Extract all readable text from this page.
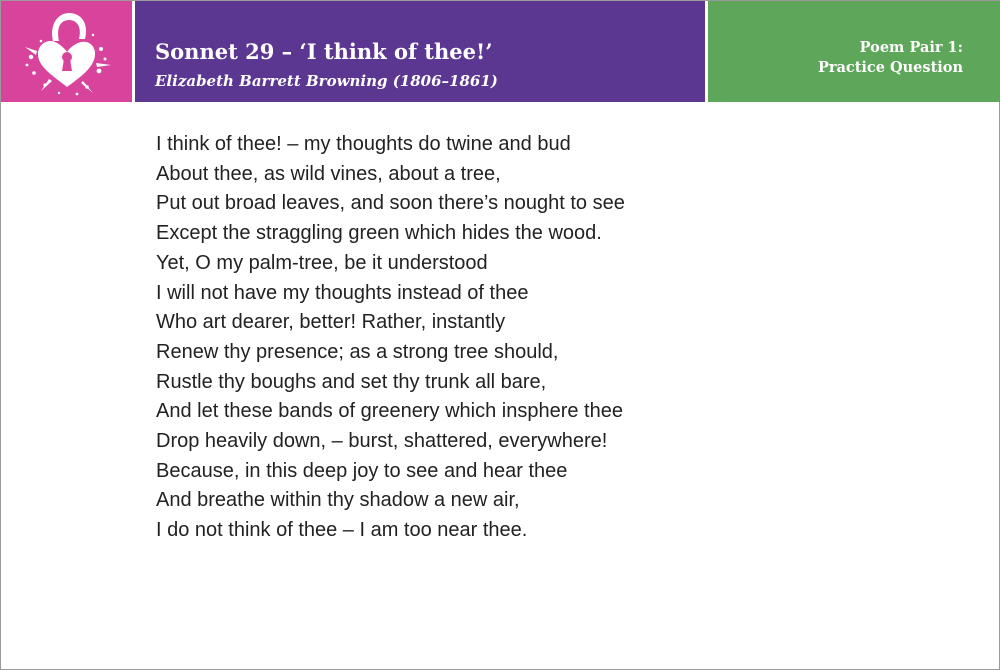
Sonnet 29 – ‘I think of thee!’

Elizabeth Barrett Browning (1806–1861)

Poem Pair 1:
Practice Question
I think of thee! – my thoughts do twine and bud
About thee, as wild vines, about a tree,
Put out broad leaves, and soon there’s nought to see
Except the straggling green which hides the wood.
Yet, O my palm-tree, be it understood
I will not have my thoughts instead of thee
Who art dearer, better! Rather, instantly
Renew thy presence; as a strong tree should,
Rustle thy boughs and set thy trunk all bare,
And let these bands of greenery which insphere thee
Drop heavily down, – burst, shattered, everywhere!
Because, in this deep joy to see and hear thee
And breathe within thy shadow a new air,
I do not think of thee – I am too near thee.
